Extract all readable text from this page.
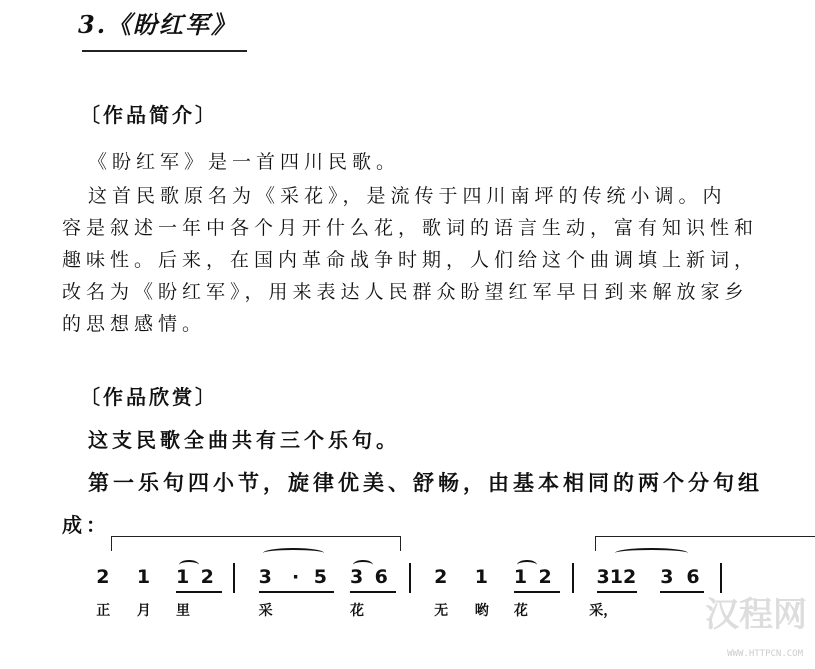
3.《盼红军》
〔作品简介〕
《盼红军》是一首四川民歌。
这首民歌原名为《采花》，是流传于四川南坪的传统小调。内
容是叙述一年中各个月开什么花，歌词的语言生动，富有知识性和
趣味性。后来，在国内革命战争时期，人们给这个曲调填上新词，
改名为《盼红军》，用来表达人民群众盼望红军早日到来解放家乡
的思想感情。
〔作品欣赏〕
这支民歌全曲共有三个乐句。
第一乐句四小节，旋律优美、舒畅，由基本相同的两个分句组
成：
2 1 1 2 3 · 5 3 6 2 1 1 2 312 3 6
正 月 里	采	花	无 哟 花	采，	汉程网
WWW.HTTPCN.COM
